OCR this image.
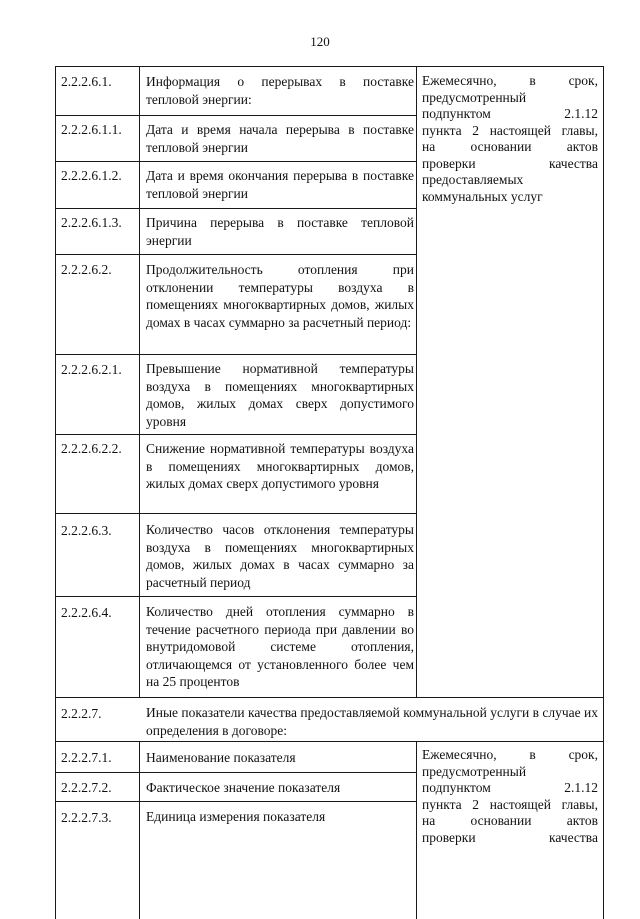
120
2.2.2.6.1.	Информация о перерывах в поставке тепловой энергии:
2.2.2.6.1.1. Дата и время начала перерыва в поставке тепловой энергии
2.2.2.6.1.2. Дата и время окончания перерыва в поставке тепловой энергии
2.2.2.6.1.3. Причина перерыва в поставке тепловой энергии
2.2.2.6.2.	Продолжительность отопления при отклонении температуры воздуха в помещениях многоквартирных домов, жилых домах в часах суммарно за расчетный период:
2.2.2.6.2.1. Превышение нормативной температуры воздуха в помещениях многоквартирных домов, жилых домах сверх допустимого уровня
2.2.2.6.2.2. Снижение нормативной температуры воздуха в помещениях многоквартирных домов, жилых домах сверх допустимого уровня
2.2.2.6.3.	Количество часов отклонения температуры воздуха в помещениях многоквартирных домов, жилых домах в часах суммарно за расчетный период
2.2.2.6.4.	Количество дней отопления суммарно в течение расчетного периода при давлении во внутридомовой системе отопления, отличающемся от установленного более чем на 25 процентов
2.2.2.7.	Иные показатели качества предоставляемой коммунальной услуги в случае их определения в договоре:
2.2.2.7.1.	Наименование показателя
2.2.2.7.2.	Фактическое значение показателя
2.2.2.7.3.	Единица измерения показателя
Ежемесячно, в срок,
предусмотренный
подпунктом 2.1.12
пункта 2 настоящей главы,
на основании актов
проверки качества
предоставляемых
коммунальных услуг
Ежемесячно, в срок,
предусмотренный
подпунктом 2.1.12
пункта 2 настоящей главы,
на основании актов
проверки качества
